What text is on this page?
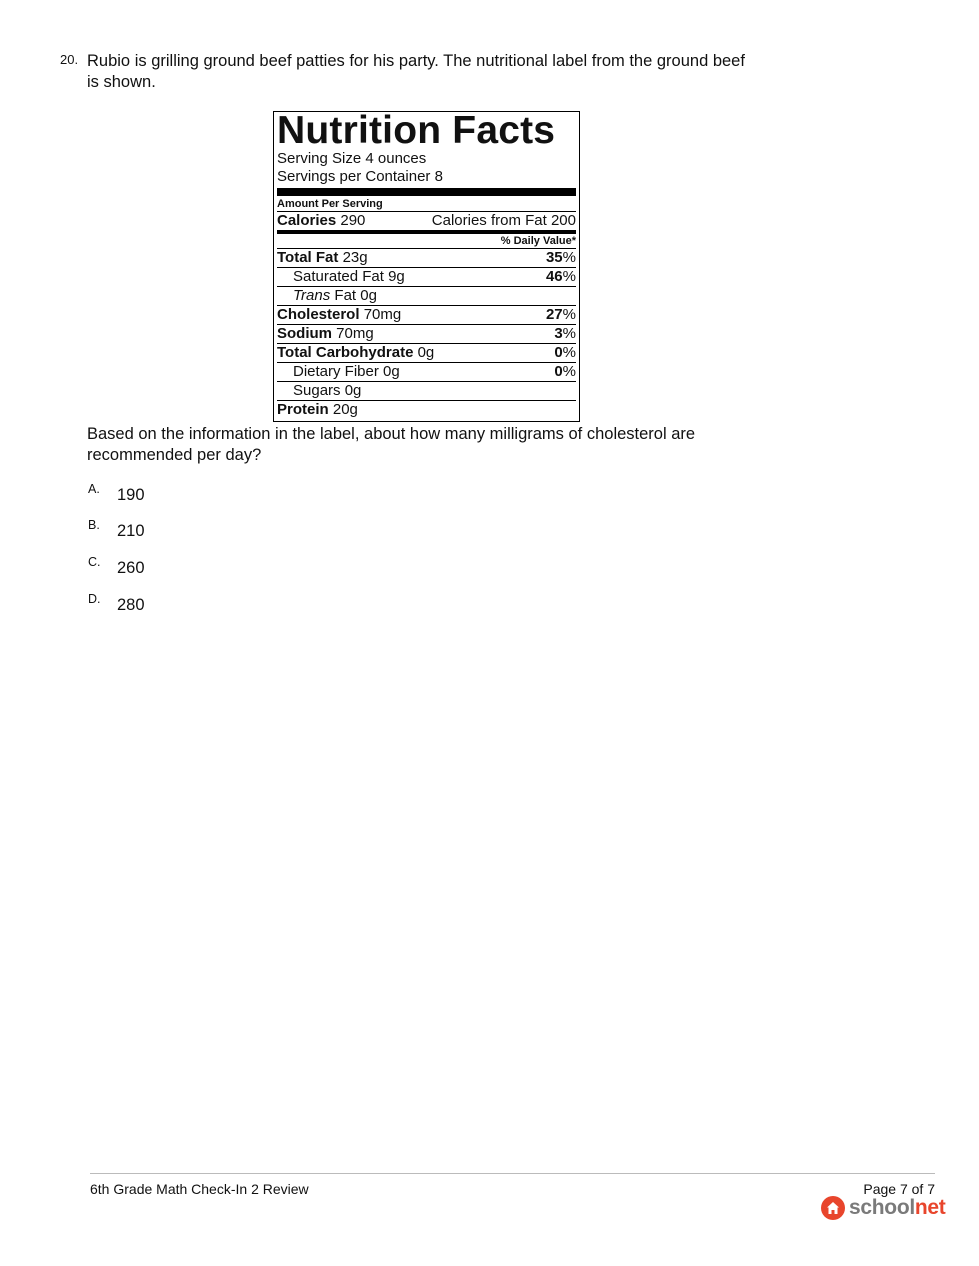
20. Rubio is grilling ground beef patties for his party. The nutritional label from the ground beef is shown.
Nutrition Facts
Serving Size 4 ounces
Servings per Container 8
Amount Per Serving
Calories 290	Calories from Fat 200
% Daily Value*
Total Fat 23g	35%
Saturated Fat 9g	46%
Trans Fat 0g
Cholesterol 70mg	27%
Sodium 70mg	3%
Total Carbohydrate 0g	0%
Dietary Fiber 0g	0%
Sugars 0g
Protein 20g
Based on the information in the label, about how many milligrams of cholesterol are recommended per day?
A. 190
B. 210
C. 260
D. 280
6th Grade Math Check-In 2 Review	Page 7 of 7
schoolnet
